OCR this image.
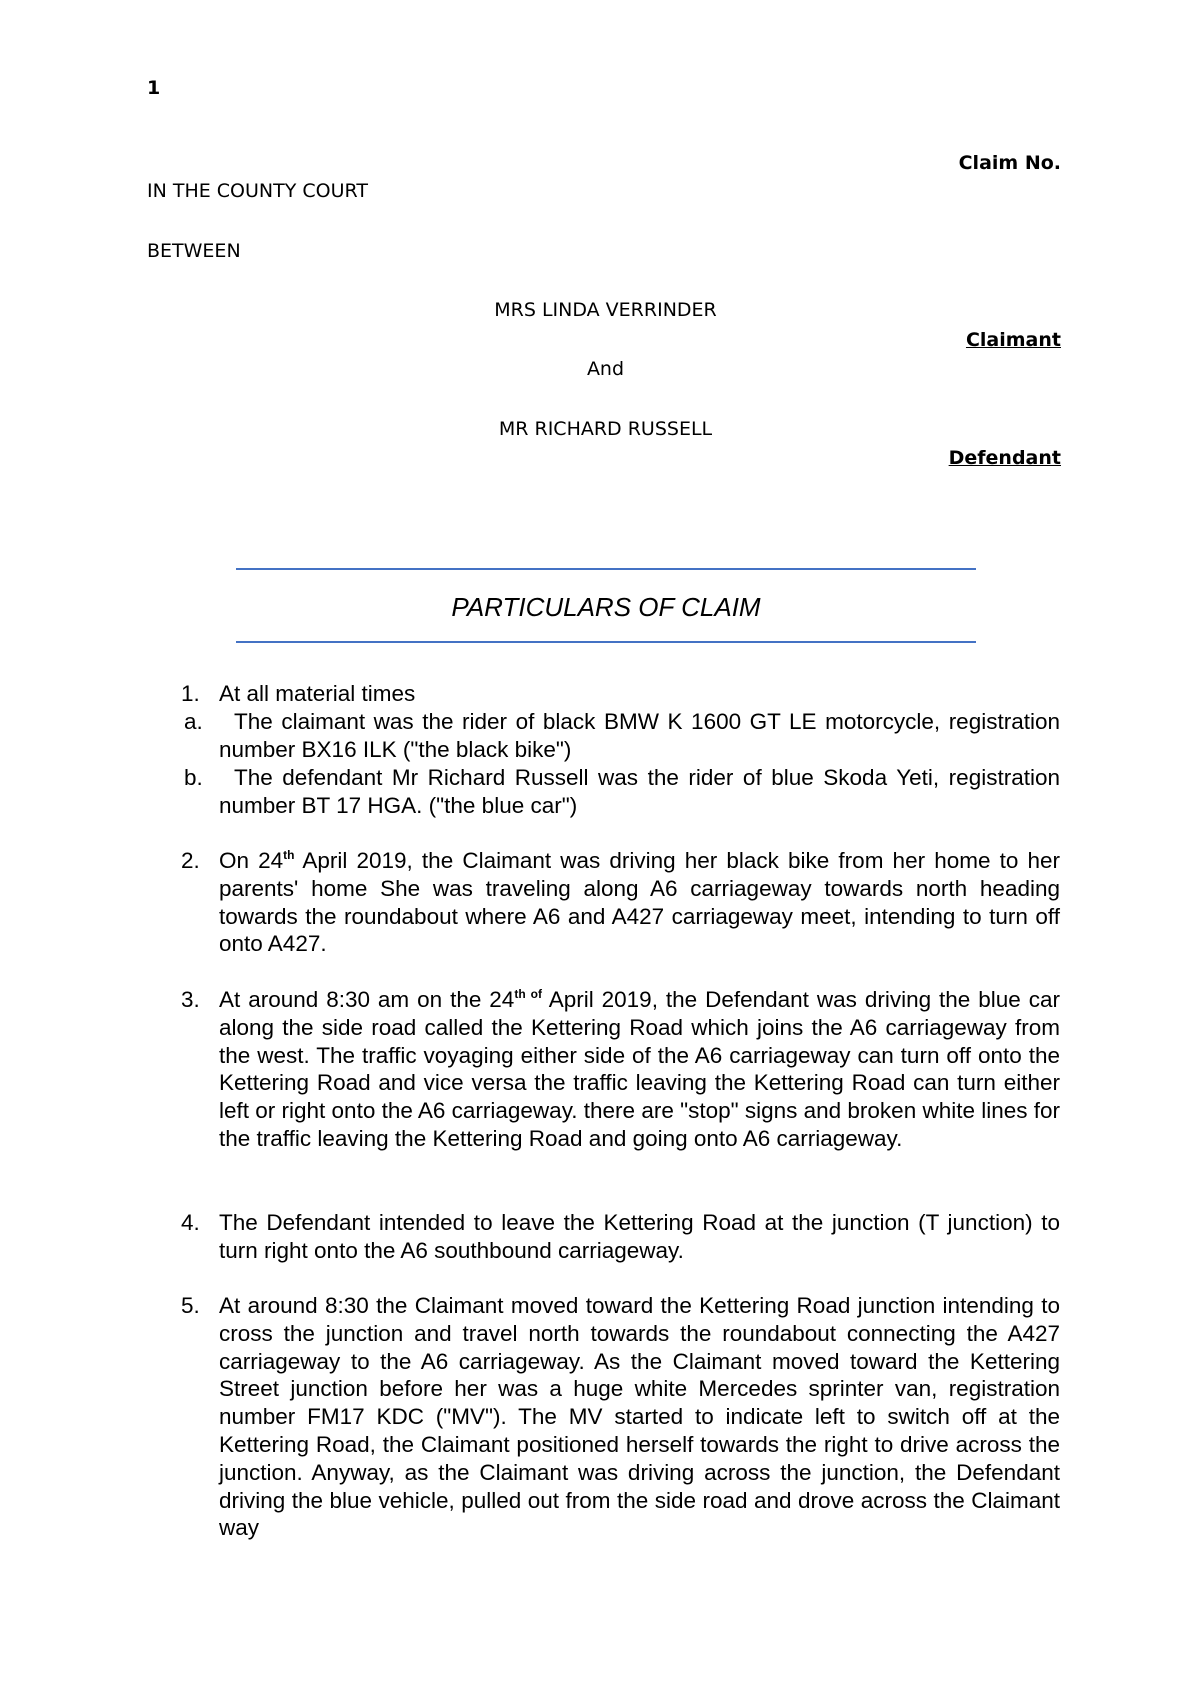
1
Claim No.
IN THE COUNTY COURT
BETWEEN
MRS LINDA VERRINDER
Claimant
And
MR RICHARD RUSSELL
Defendant
PARTICULARS OF CLAIM
1. At all material times
a.	The claimant was the rider of black BMW K 1600 GT LE motorcycle, registration number BX16 ILK ("the black bike")
b.	The defendant Mr Richard Russell was the rider of blue Skoda Yeti, registration number BT 17 HGA. ("the blue car")
2. On 24th April 2019, the Claimant was driving her black bike from her home to her parents' home She was traveling along A6 carriageway towards north heading towards the roundabout where A6 and A427 carriageway meet, intending to turn off onto A427.
3. At around 8:30 am on the $24^{th of}$ April 2019, the Defendant was driving the blue car along the side road called the Kettering Road which joins the A6 carriageway from the west. The traffic voyaging either side of the A6 carriageway can turn off onto the Kettering Road and vice versa the traffic leaving the Kettering Road can turn either left or right onto the A6 carriageway. there are "stop" signs and broken white lines for the traffic leaving the Kettering Road and going onto A6 carriageway.
4. The Defendant intended to leave the Kettering Road at the junction (T junction) to turn right onto the A6 southbound carriageway.
5. At around 8:30 the Claimant moved toward the Kettering Road junction intending to cross the junction and travel north towards the roundabout connecting the A427 carriageway to the A6 carriageway. As the Claimant moved toward the Kettering Street junction before her was a huge white Mercedes sprinter van, registration number FM17 KDC ("MV"). The MV started to indicate left to switch off at the Kettering Road, the Claimant positioned herself towards the right to drive across the junction. Anyway, as the Claimant was driving across the junction, the Defendant driving the blue vehicle, pulled out from the side road and drove across the Claimant way
